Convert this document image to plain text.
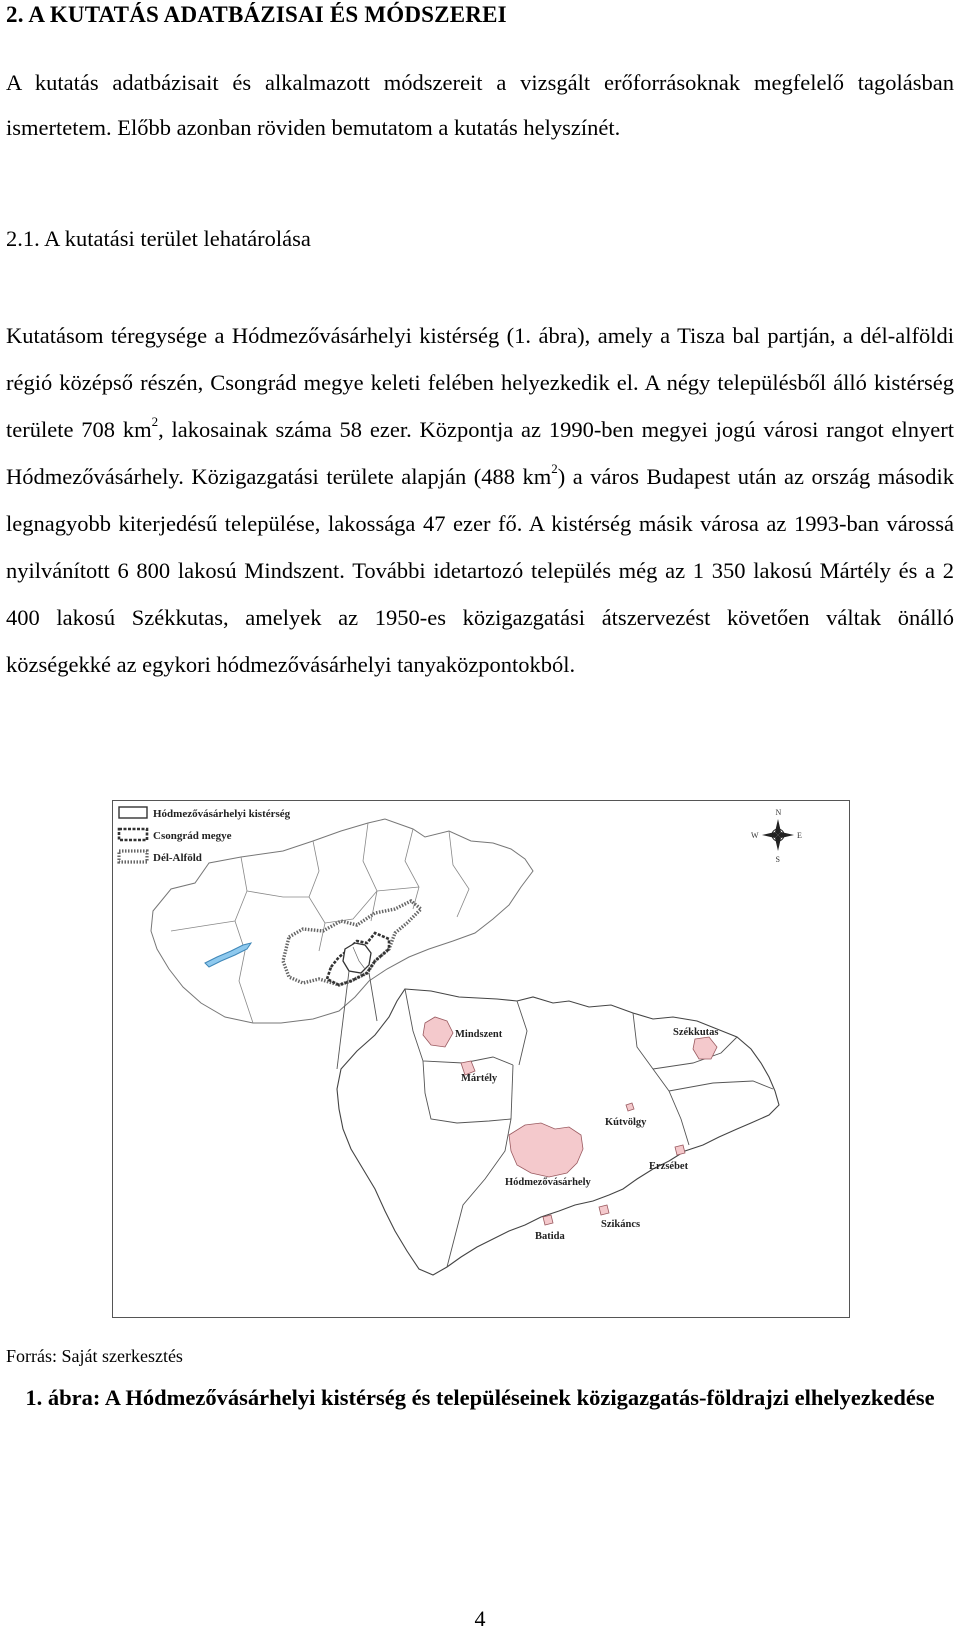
2. A KUTATÁS ADATBÁZISAI ÉS MÓDSZEREI

A kutatás adatbázisait és alkalmazott módszereit a vizsgált erőforrásoknak megfelelő tagolásban ismertetem. Előbb azonban röviden bemutatom a kutatás helyszínét.

2.1. A kutatási terület lehatárolása

Kutatásom téregysége a Hódmezővásárhelyi kistérség (1. ábra), amely a Tisza bal partján, a dél-alföldi régió középső részén, Csongrád megye keleti felében helyezkedik el. A négy településből álló kistérség területe 708 $km^2$, lakosainak száma 58 ezer. Központja az 1990-ben megyei jogú városi rangot elnyert Hódmezővásárhely. Közigazgatási területe alapján (488 $km^2$) a város Budapest után az ország második legnagyobb kiterjedésű települése, lakossága 47 ezer fő. A kistérség másik városa az 1993-ban várossá nyilvánított 6 800 lakosú Mindszent. További idetartozó település még az 1 350 lakosú Mártély és a 2 400 lakosú Székkutas, amelyek az 1950-es közigazgatási átszervezést követően váltak önálló községekké az egykori hódmezővásárhelyi tanyaközpontokból.

Hódmezővásárhelyi kistérség
Csongrád megye
Dél-Alföld
N
S
E
W
Mindszent	Székkutas
Mártély
Kútvölgy
Erzsébet
Hódmezővásárhely
Szikáncs
Batida

Forrás: Saját szerkesztés

1. ábra: A Hódmezővásárhelyi kistérség és településeinek közigazgatás-földrajzi elhelyezkedése

4
